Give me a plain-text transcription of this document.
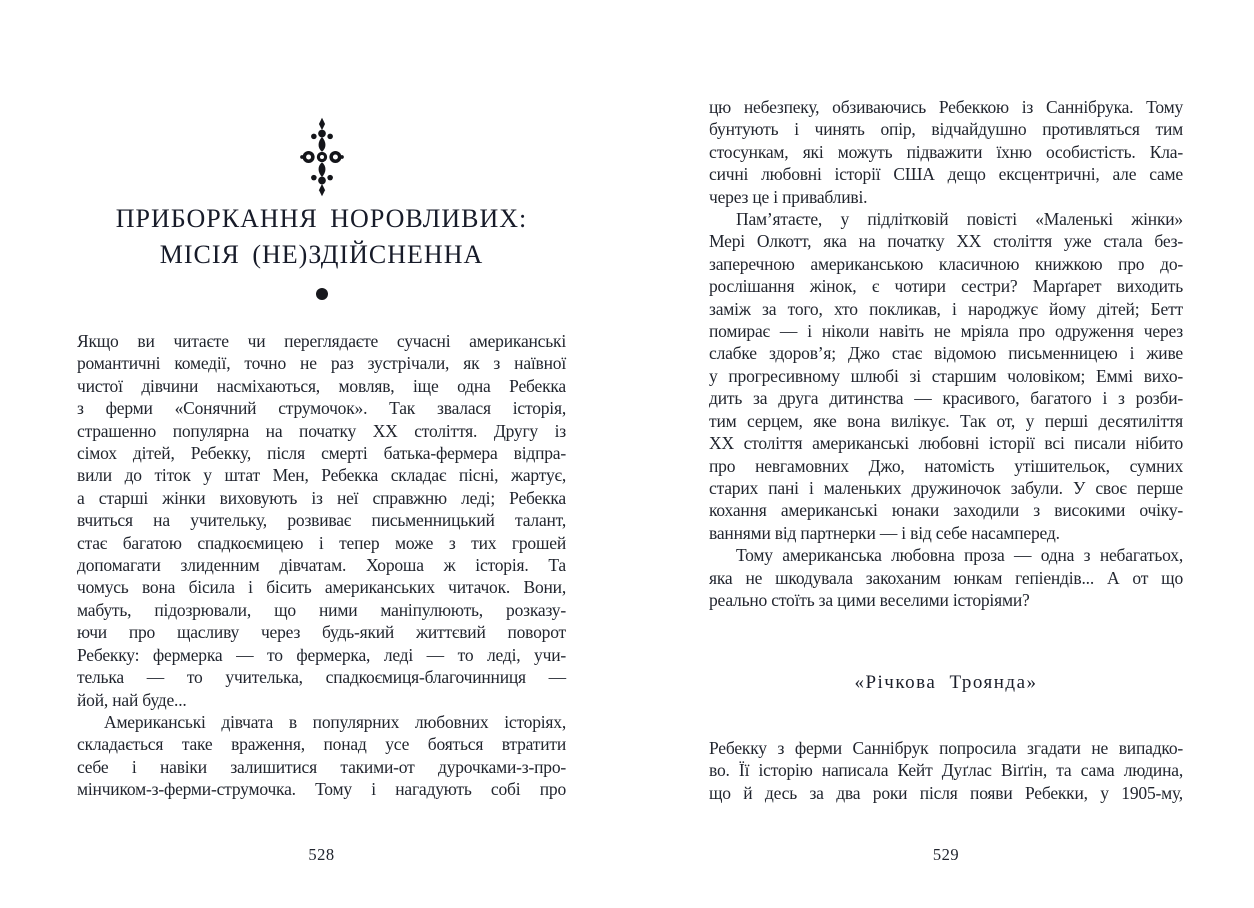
ПРИБОРКАННЯ НОРОВЛИВИХ:
МІСІЯ (НЕ)ЗДІЙСНЕННА
Якщо ви читаєте чи переглядаєте сучасні американські
романтичні комедії, точно не раз зустрічали, як з наївної
чистої дівчини насміхаються, мовляв, іще одна Ребекка
з ферми «Сонячний струмочок». Так звалася історія,
страшенно популярна на початку XX століття. Другу із
сімох дітей, Ребекку, після смерті батька-фермера відпра-
вили до тіток у штат Мен, Ребекка складає пісні, жартує,
а старші жінки виховують із неї справжню леді; Ребекка
вчиться на учительку, розвиває письменницький талант,
стає багатою спадкоємицею і тепер може з тих грошей
допомагати злиденним дівчатам. Хороша ж історія. Та
чомусь вона бісила і бісить американських читачок. Вони,
мабуть, підозрювали, що ними маніпулюють, розказу-
ючи про щасливу через будь-який життєвий поворот
Ребекку: фермерка — то фермерка, леді — то леді, учи-
телька — то учителька, спадкоємиця-благочинниця —
йой, най буде...
Американські дівчата в популярних любовних історіях,
складається таке враження, понад усе бояться втратити
себе і навіки залишитися такими-от дурочками-з-про-
мінчиком-з-ферми-струмочка. Тому і нагадують собі про
528
цю небезпеку, обзиваючись Ребеккою із Саннібрука. Тому
бунтують і чинять опір, відчайдушно противляться тим
стосункам, які можуть підважити їхню особистість. Кла-
сичні любовні історії США дещо ексцентричні, але саме
через це і привабливі.
Пам’ятаєте, у підлітковій повісті «Маленькі жінки»
Мері Олкотт, яка на початку XX століття уже стала без-
заперечною американською класичною книжкою про до-
рослішання жінок, є чотири сестри? Марґарет виходить
заміж за того, хто покликав, і народжує йому дітей; Бетт
помирає — і ніколи навіть не мріяла про одруження через
слабке здоров’я; Джо стає відомою письменницею і живе
у прогресивному шлюбі зі старшим чоловіком; Еммі вихо-
дить за друга дитинства — красивого, багатого і з розби-
тим серцем, яке вона вилікує. Так от, у перші десятиліття
XX століття американські любовні історії всі писали нібито
про невгамовних Джо, натомість утішительок, сумних
старих пані і маленьких дружиночок забули. У своє перше
кохання американські юнаки заходили з високими очіку-
ваннями від партнерки — і від себе насамперед.
Тому американська любовна проза — одна з небагатьох,
яка не шкодувала закоханим юнкам гепіендів... А от що
реально стоїть за цими веселими історіями?
«Річкова Троянда»
Ребекку з ферми Саннібрук попросила згадати не випадко-
во. Її історію написала Кейт Дуґлас Віґґін, та сама людина,
що й десь за два роки після появи Ребекки, у 1905-му,
529
